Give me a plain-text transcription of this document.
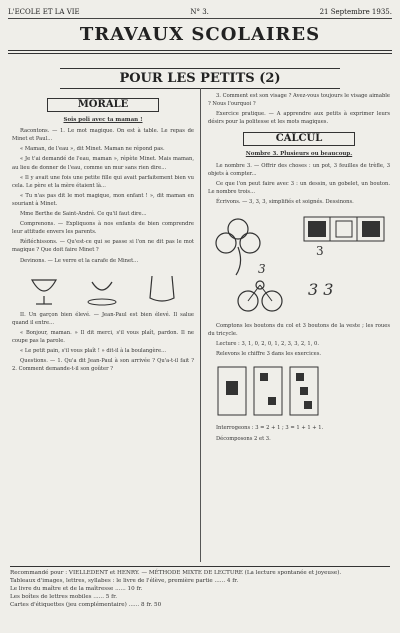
L'ECOLE ET LA VIE	N° 3.	21 Septembre 1935.
TRAVAUX SCOLAIRES
POUR LES PETITS (2)
MORALE
Sois poli avec ta maman !

Racontons. — 1. Le mot magique. On est à table. Le repas de Minet et Paul...

« Maman, de l'eau », dit Minet. Maman ne répond pas.

« Je t'ai demandé de l'eau, maman », répète Minet. Mais maman, au lieu de donner de l'eau, comme un mur sans rien dire...

« Il y avait une fois une petite fille qui avait parfaitement bien vu cela. Le père et la mère étaient là...

« Tu n'as pas dit le mot magique, mon enfant ! », dit maman en souriant à Minet.

Mme Berthe de Saint-André. Ce qu'il faut dire...

Comprenons. — Expliquons à nos enfants de bien comprendre leur attitude envers les parents.

Réfléchissons. — Qu'est-ce qui se passe si l'on ne dit pas le mot magique ? Que doit faire Minet ?

Devinons. — Le verre et la carafe de Minet...

II. Un garçon bien élevé. — Jean-Paul est bien élevé. Il salue quand il entre...

« Bonjour, maman. » Il dit merci, s'il vous plaît, pardon. Il ne coupe pas la parole.

« Le petit pain, s'il vous plaît ! » dit-il à la boulangère...

Questions. — 1. Qu'a dit Jean-Paul à son arrivée ? Qu'a-t-il fait ? 2. Comment demande-t-il son goûter ?

3. Comment est son visage ? Avez-vous toujours le visage aimable ? Nous l'ourquoi ?

Exercice pratique. — A apprendre aux petits à exprimer leurs désirs pour la politesse et les mots magiques.

CALCUL
Nombre 3. Plusieurs ou beaucoup.

Le nombre 3. — Offrir des choses : un pot, 3 feuilles de trèfle, 3 objets à compter...

Ce que l'on peut faire avec 3 : un dessin, un gobelet, un bouton. Le nombre trois...

Écrivons. — 3, 3, 3, simplifiés et soignés. Dessinons.

3
3
3 3

Comptons les boutons du col et 3 boutons de la veste ; les roues du tricycle.

Lecture : 3, 1, 0, 2, 0, 1, 2, 3, 3, 2, 1, 0.

Relevons le chiffre 3 dans les exercices.

Interrogeons : 3 = 2 + 1 ; 3 = 1 + 1 + 1.

Décomposons 2 et 3.

Recommandé pour : VIELLEDENT et HENRY. — MÉTHODE MIXTE DE LECTURE (La lecture spontanée et joyeuse).
Tableaux d'images, lettres, syllabes : le livre de l'élève, première partie ...... 4 fr.
Le livre du maître et de la maîtresse ...... 10 fr.
Les boîtes de lettres mobiles ...... 5 fr.
Cartes d'étiquettes (jeu complémentaire) ...... 8 fr. 50
